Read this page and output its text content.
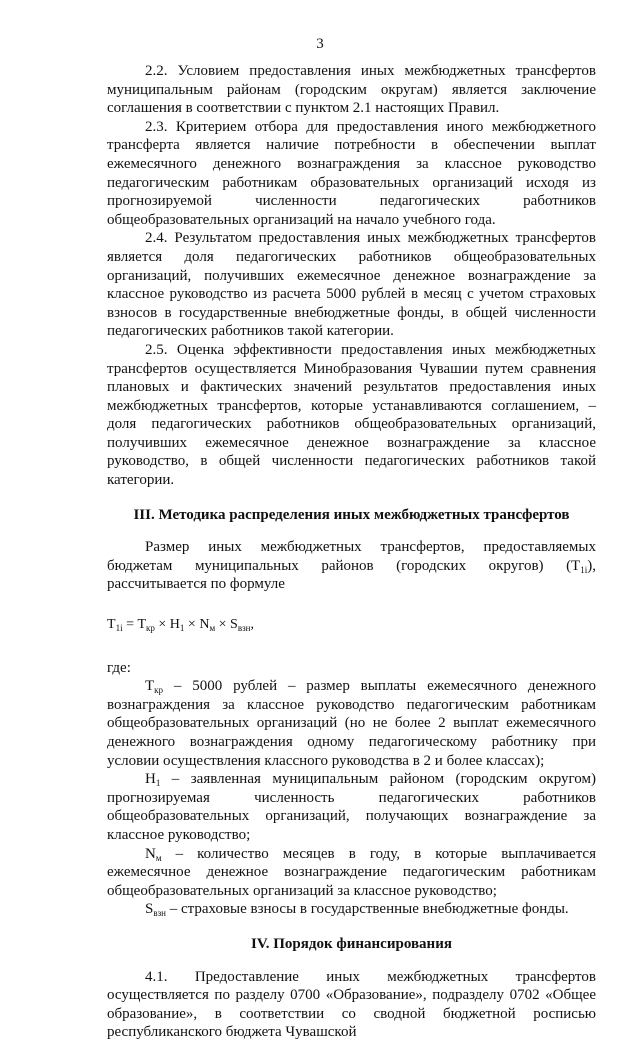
3

2.2. Условием предоставления иных межбюджетных трансфертов муниципальным районам (городским округам) является заключение соглашения в соответствии с пунктом 2.1 настоящих Правил.

2.3. Критерием отбора для предоставления иного межбюджетного трансферта является наличие потребности в обеспечении выплат ежемесячного денежного вознаграждения за классное руководство педагогическим работникам образовательных организаций исходя из прогнозируемой численности педагогических работников общеобразовательных организаций на начало учебного года.

2.4. Результатом предоставления иных межбюджетных трансфертов является доля педагогических работников общеобразовательных организаций, получивших ежемесячное денежное вознаграждение за классное руководство из расчета 5000 рублей в месяц с учетом страховых взносов в государственные внебюджетные фонды, в общей численности педагогических работников такой категории.

2.5. Оценка эффективности предоставления иных межбюджетных трансфертов осуществляется Минобразования Чувашии путем сравнения плановых и фактических значений результатов предоставления иных межбюджетных трансфертов, которые устанавливаются соглашением, – доля педагогических работников общеобразовательных организаций, получивших ежемесячное денежное вознаграждение за классное руководство, в общей численности педагогических работников такой категории.

III. Методика распределения иных межбюджетных трансфертов

Размер иных межбюджетных трансфертов, предоставляемых бюджетам муниципальных районов (городских округов) $(Т_{1i})$, рассчитывается по формуле

$Т_{1i} = Т_{кр} \times Н_1 \times N_м \times S_{взн}$,

где:

$Т_{кр} - 5000$ рублей – размер выплаты ежемесячного денежного вознаграждения за классное руководство педагогическим работникам общеобразовательных организаций (но не более 2 выплат ежемесячного денежного вознаграждения одному педагогическому работнику при условии осуществления классного руководства в 2 и более классах);

$Н_1$ – заявленная муниципальным районом (городским округом) прогнозируемая численность педагогических работников общеобразовательных организаций, получающих вознаграждение за классное руководство;

$N_м$ – количество месяцев в году, в которые выплачивается ежемесячное денежное вознаграждение педагогическим работникам общеобразовательных организаций за классное руководство;

$S_{взн}$ – страховые взносы в государственные внебюджетные фонды.

IV. Порядок финансирования

4.1. Предоставление иных межбюджетных трансфертов осуществляется по разделу 0700 «Образование», подразделу 0702 «Общее образование», в соответствии со сводной бюджетной росписью республиканского бюджета Чувашской
